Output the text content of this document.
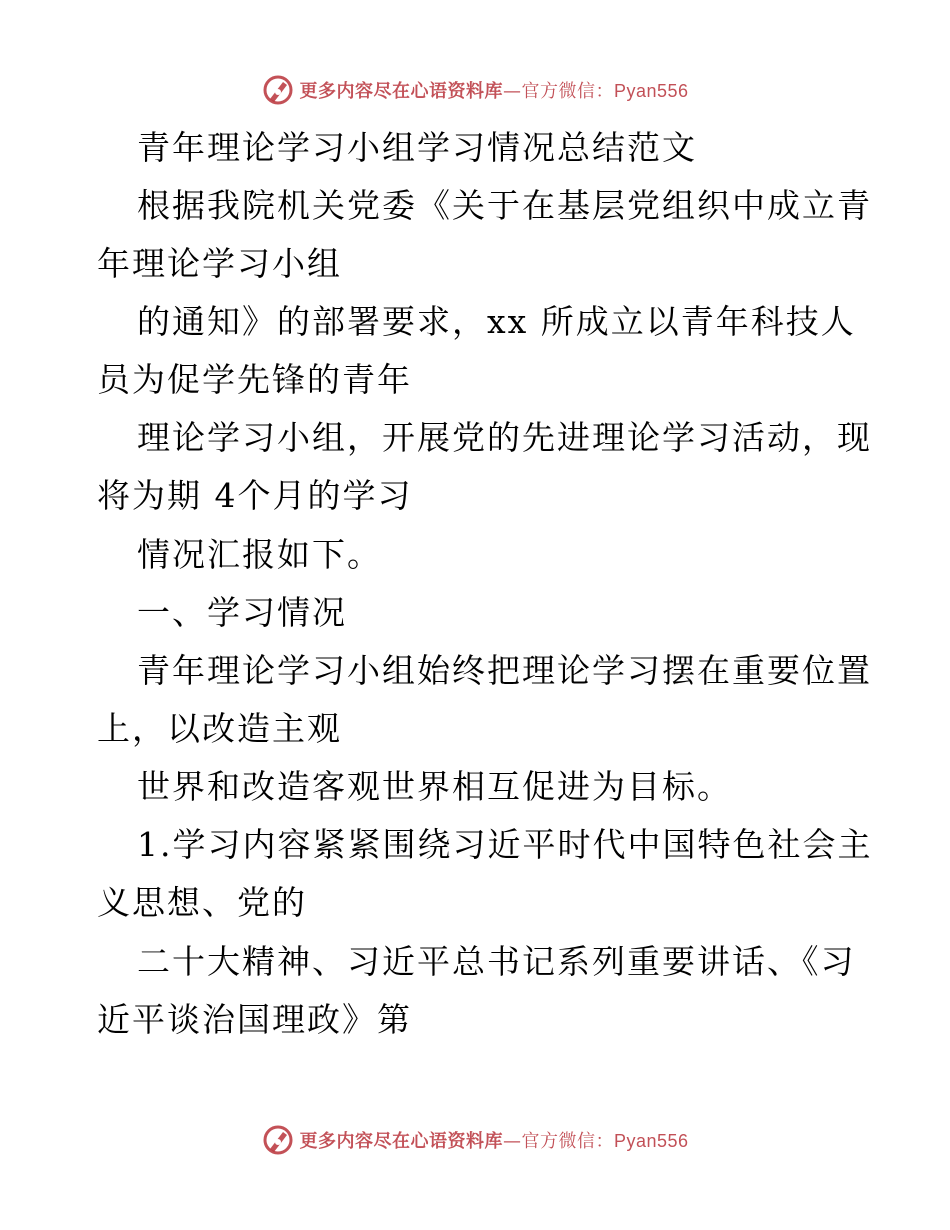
更多内容尽在心语资料库—官方微信：Pyan556
青年理论学习小组学习情况总结范文
根据我院机关党委《关于在基层党组织中成立青
年理论学习小组
的通知》的部署要求，xx 所成立以青年科技人
员为促学先锋的青年
理论学习小组，开展党的先进理论学习活动，现
将为期 4个月的学习
情况汇报如下。
一、学习情况
青年理论学习小组始终把理论学习摆在重要位置
上，以改造主观
世界和改造客观世界相互促进为目标。
1.学习内容紧紧围绕习近平时代中国特色社会主
义思想、党的
二十大精神、习近平总书记系列重要讲话、《习
近平谈治国理政》第
更多内容尽在心语资料库—官方微信：Pyan556
